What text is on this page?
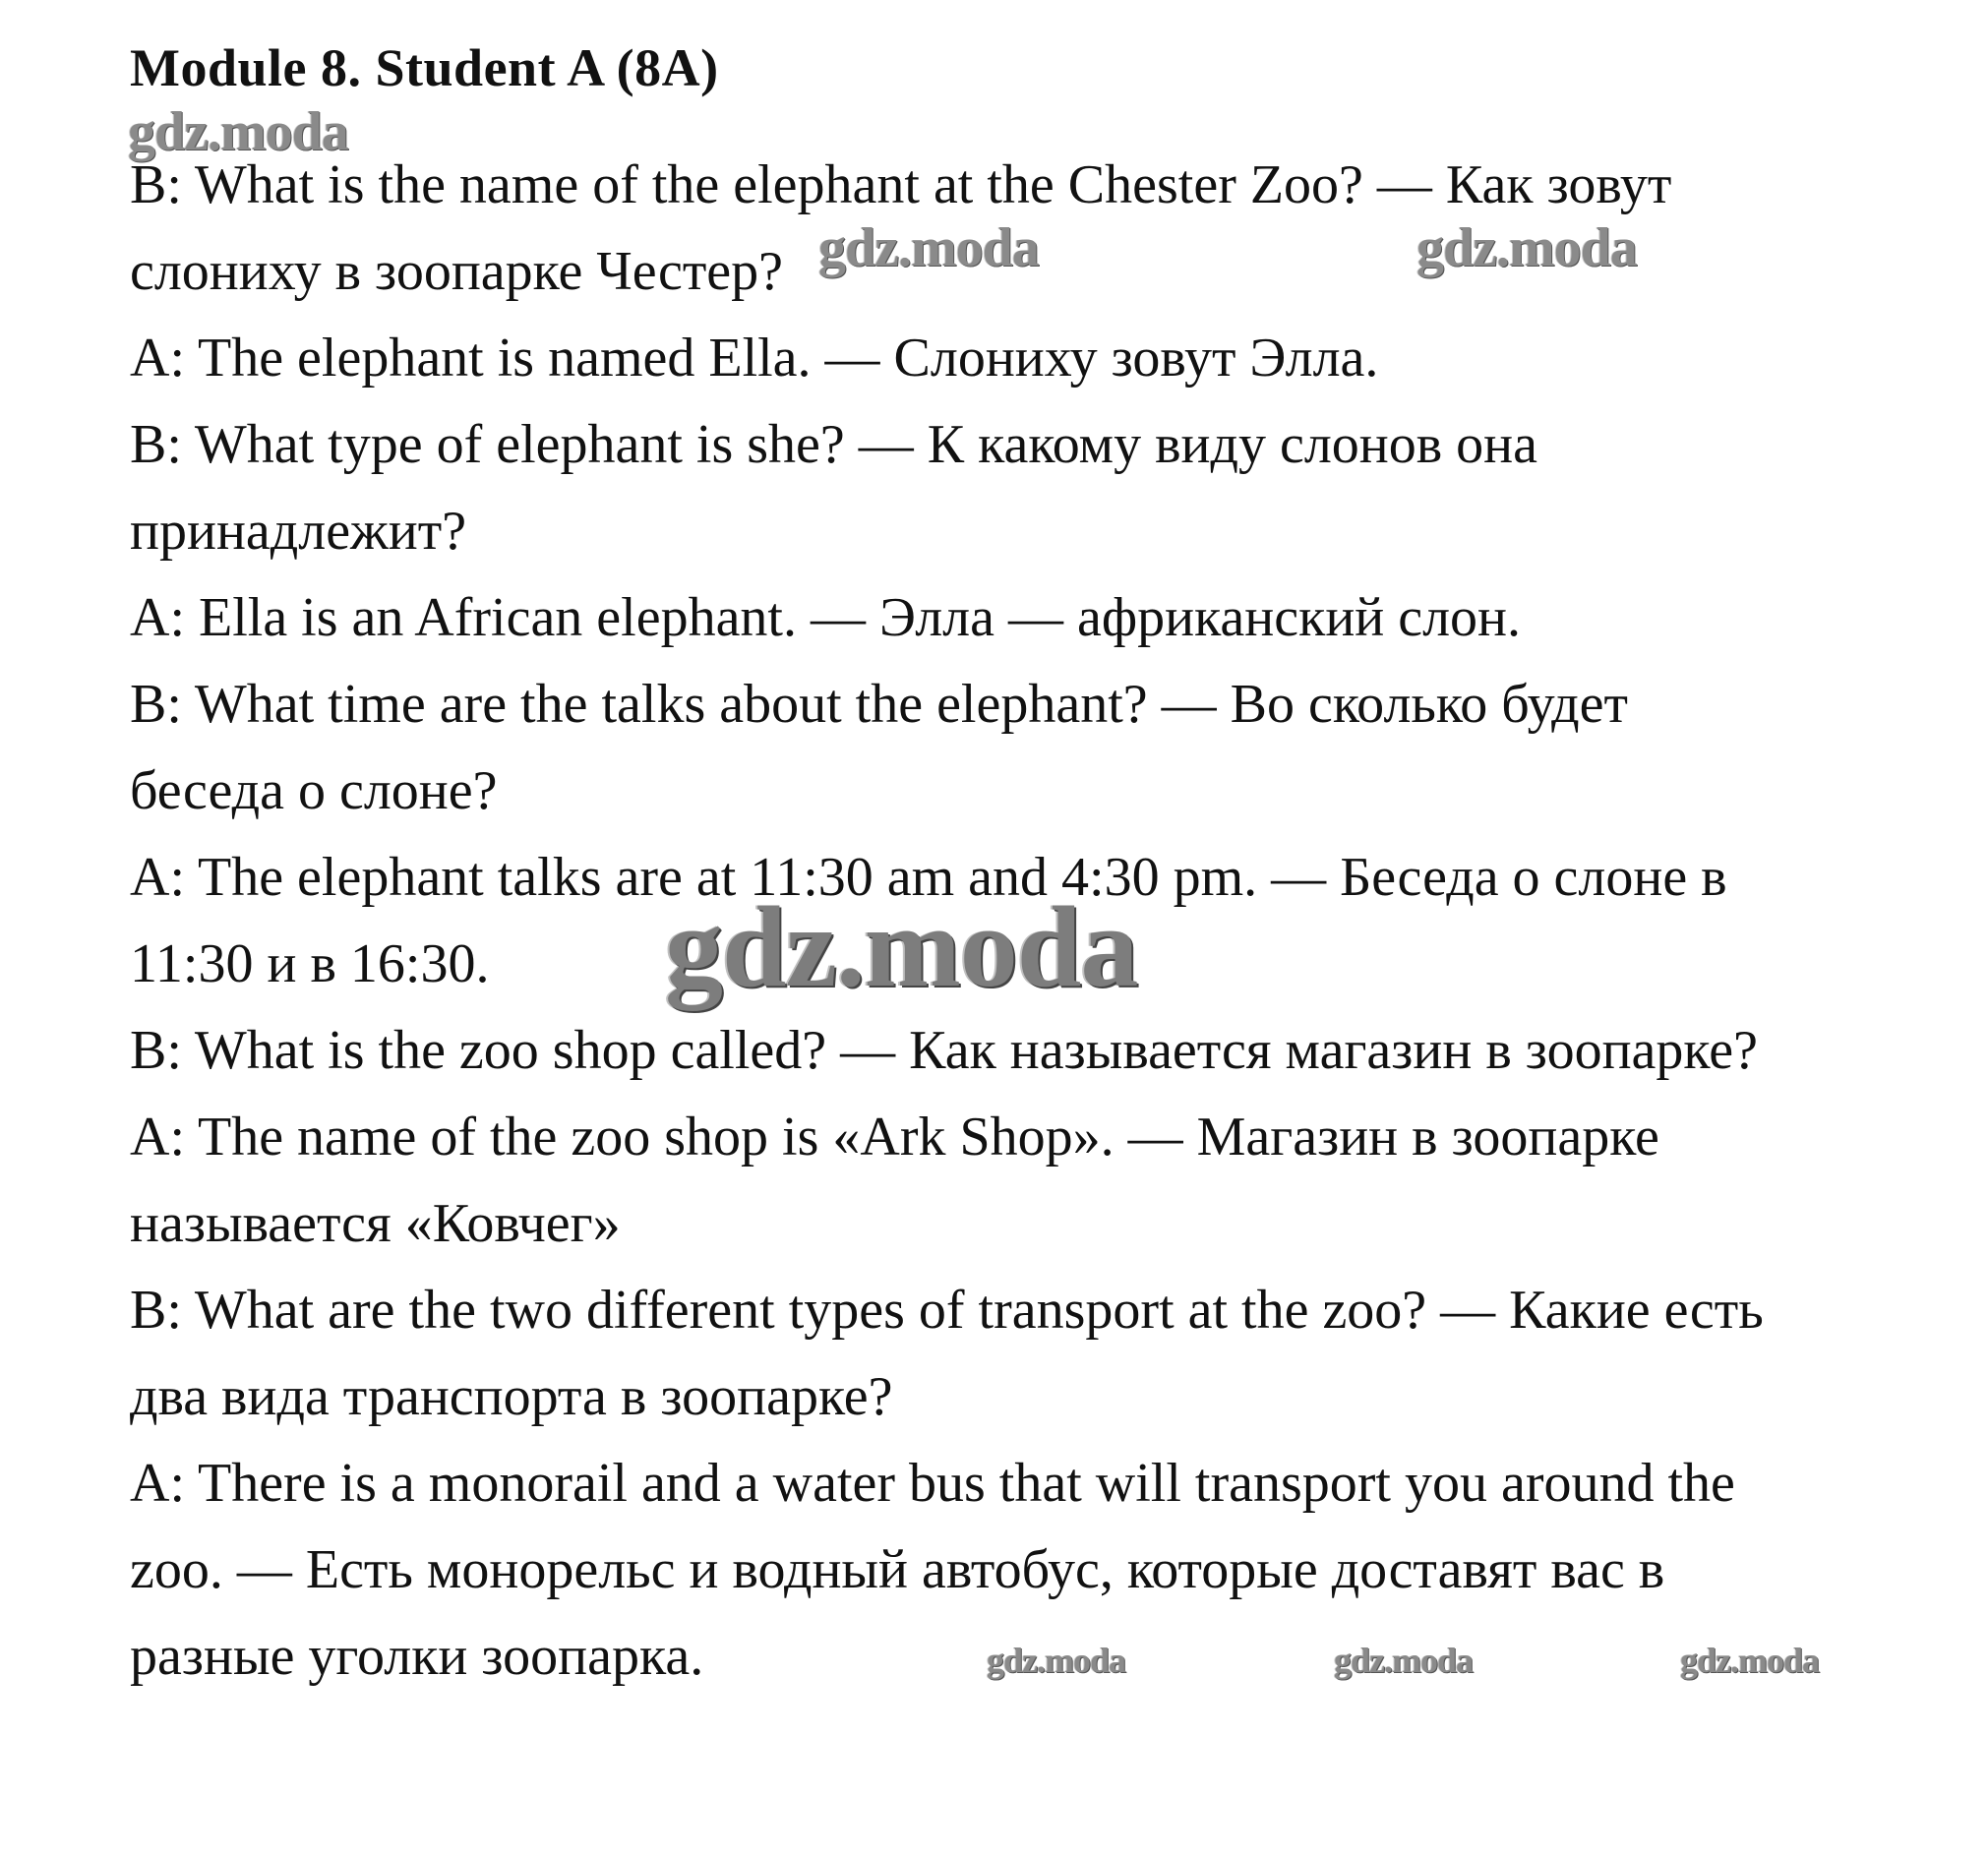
Module 8. Student A (8A)
gdz.moda
B: What is the name of the elephant at the Chester Zoo? — Как зовут
слониху в зоопарке Честер? gdz.moda	gdz.moda
A: The elephant is named Ella. — Слониху зовут Элла.
B: What type of elephant is she? — К какому виду слонов она
принадлежит?
A: Ella is an African elephant. — Элла — африканский слон.
B: What time are the talks about the elephant? — Во сколько будет
беседа о слоне?
A: The elephant talks are at 11:30 am and 4:30 pm. — Беседа о слоне в
11:30 и в 16:30. gdz.moda
B: What is the zoo shop called? — Как называется магазин в зоопарке?
A: The name of the zoo shop is «Ark Shop». — Магазин в зоопарке
называется «Ковчег»
B: What are the two different types of transport at the zoo? — Какие есть
два вида транспорта в зоопарке?
A: There is a monorail and a water bus that will transport you around the
zoo. — Есть монорельс и водный автобус, которые доставят вас в
разные уголки зоопарка.	gdz.moda	gdz.moda	gdz.moda
